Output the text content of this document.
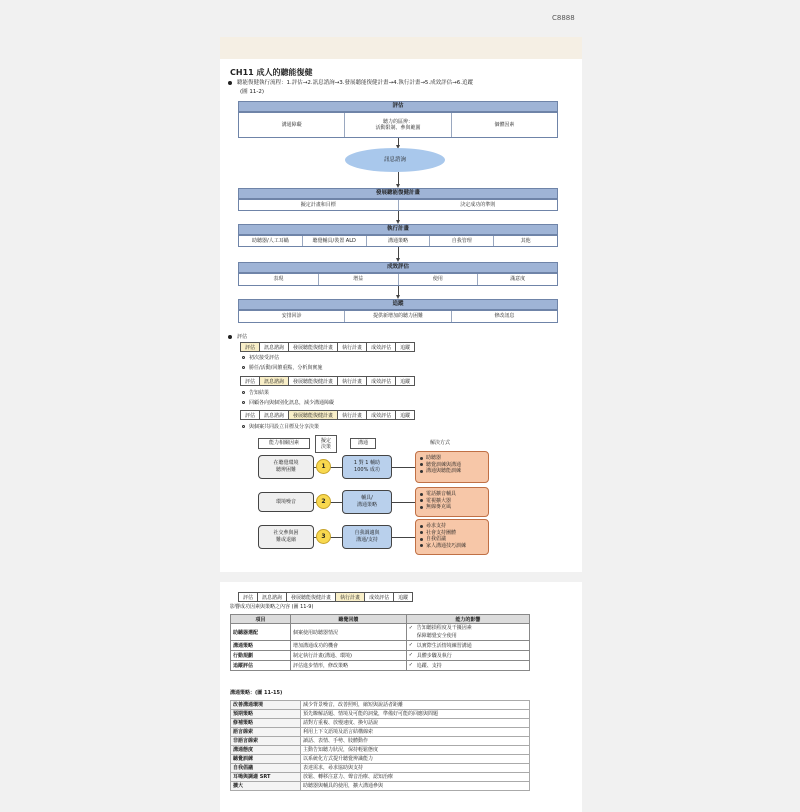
C8888
CH11 成人的聽能復健
聽能復健執行流程：1.評估→2.訊息諮詢→3.發展聽能復健計畫→4.執行計畫→5.成效評估→6.追蹤
(圖 11-2)
評估
溝通障礙
聽力的區辨：
活動限制、參與範圍
個體因素
訊息諮詢
發展聽能復健計畫
擬定計畫和目標	決定成功的準則
執行計畫
助聽器/人工耳蝸	聽覺輔具/裝置 ALD	溝通策略	自我管理	其他
成效評估
表現	增益	使用	滿意度
追蹤
安排回診	提供新增加的聽力困難	修改訊息
評估
評估	訊息諮詢	發展聽能復健計畫	執行計畫	成效評估	追蹤
初次接受評估
勝任/活動/回饋重點，分析與實施
評估	訊息諮詢	發展聽能復健計畫	執行計畫	成效評估	追蹤
告知結果
回顧各向與個別化訊息，減少溝通障礙
評估	訊息諮詢	發展聽能復健計畫	執行計畫	成效評估	追蹤
與個案共同設立目標及分享決策
能力相關因素	擬定
決策
溝通	解決方式
在聽覺環境
聽辨困難	1	1 對 1 輔助
100% 成功
助聽器
聽覺訓練與溝通
溝通與聽能訓練
環境噪音	2	輔具/
溝通策略
電話擴音輔具
電視擴大器
無線麥克風
社交參與困
難或退縮	3	自我調適與
溝通/支持
尋求支持
社會支持團體
自我倡議
家人溝通技巧訓練
評估	訊息諮詢	發展聽能復健計畫	執行計畫	成效評估	追蹤
影響成功因素與策略之內容 (圖 11-9)
項目	聽覺回饋	能力的影響
助聽器選配	個案使用助聽器情況	✓ 告知聽損程度及干擾因素
保障聽覺安全使用
溝通策略	增加溝通成功的機會	✓ 以實際生活情境練習溝通
行動規劃	制定執行計畫(溝通、環境)	✓ 具體步驟及執行
追蹤評估	評估進步情形，修改策略	✓ 追蹤、支持
溝通策略：(圖 11-15)
改善溝通環境	減少背景噪音，改善照明，縮短與說話者距離
預期策略	預先瞭解話題、情境及可能的詞彙，準備好可能的回應與問題
修補策略	請對方重複、放慢速度、換句話說
語言線索	利用上下文語境及語言結構線索
非語言線索	讀話、表情、手勢、肢體動作
溝通態度	主動告知聽力狀況，保持輕鬆態度
聽覺訓練	以系統化方式提升聽覺辨識能力
自我倡議	表達需求，尋求協助與支持
耳鳴與調適 SRT	放鬆、轉移注意力、聲音治療、認知治療
擴大	助聽器與輔具的使用，擴大溝通參與
